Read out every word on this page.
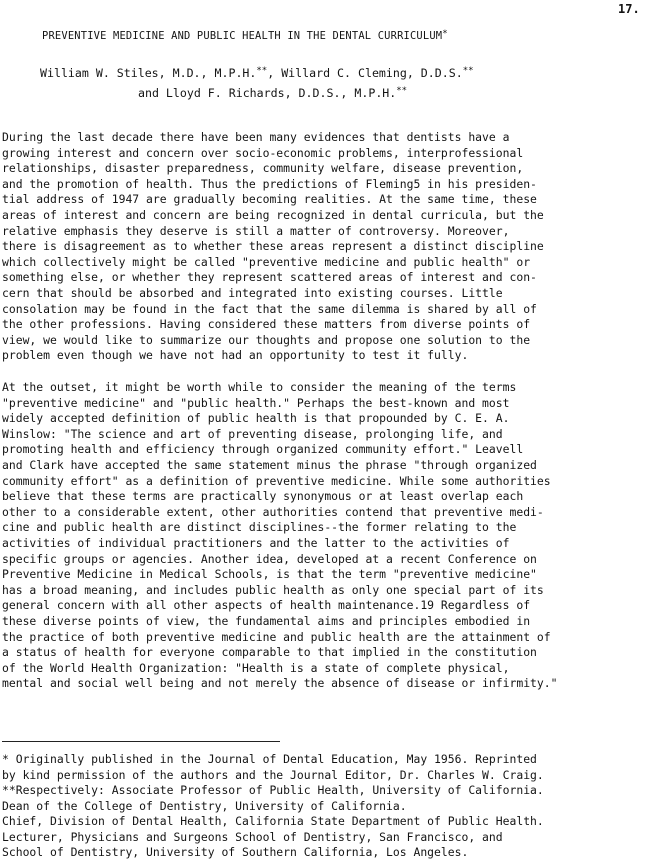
17.
PREVENTIVE MEDICINE AND PUBLIC HEALTH IN THE DENTAL CURRICULUM*
William W. Stiles, M.D., M.P.H.**, Willard C. Cleming, D.D.S.**
and Lloyd F. Richards, D.D.S., M.P.H.**
During the last decade there have been many evidences that dentists have a
growing interest and concern over socio-economic problems, interprofessional
relationships, disaster preparedness, community welfare, disease prevention,
and the promotion of health. Thus the predictions of Fleming5 in his presiden-
tial address of 1947 are gradually becoming realities. At the same time, these
areas of interest and concern are being recognized in dental curricula, but the
relative emphasis they deserve is still a matter of controversy. Moreover,
there is disagreement as to whether these areas represent a distinct discipline
which collectively might be called "preventive medicine and public health" or
something else, or whether they represent scattered areas of interest and con-
cern that should be absorbed and integrated into existing courses. Little
consolation may be found in the fact that the same dilemma is shared by all of
the other professions. Having considered these matters from diverse points of
view, we would like to summarize our thoughts and propose one solution to the
problem even though we have not had an opportunity to test it fully.
At the outset, it might be worth while to consider the meaning of the terms
"preventive medicine" and "public health." Perhaps the best-known and most
widely accepted definition of public health is that propounded by C. E. A.
Winslow: "The science and art of preventing disease, prolonging life, and
promoting health and efficiency through organized community effort." Leavell
and Clark have accepted the same statement minus the phrase "through organized
community effort" as a definition of preventive medicine. While some authorities
believe that these terms are practically synonymous or at least overlap each
other to a considerable extent, other authorities contend that preventive medi-
cine and public health are distinct disciplines--the former relating to the
activities of individual practitioners and the latter to the activities of
specific groups or agencies. Another idea, developed at a recent Conference on
Preventive Medicine in Medical Schools, is that the term "preventive medicine"
has a broad meaning, and includes public health as only one special part of its
general concern with all other aspects of health maintenance.19 Regardless of
these diverse points of view, the fundamental aims and principles embodied in
the practice of both preventive medicine and public health are the attainment of
a status of health for everyone comparable to that implied in the constitution
of the World Health Organization: "Health is a state of complete physical,
mental and social well being and not merely the absence of disease or infirmity."
* Originally published in the Journal of Dental Education, May 1956. Reprinted
by kind permission of the authors and the Journal Editor, Dr. Charles W. Craig.
**Respectively: Associate Professor of Public Health, University of California.
Dean of the College of Dentistry, University of California.
Chief, Division of Dental Health, California State Department of Public Health.
Lecturer, Physicians and Surgeons School of Dentistry, San Francisco, and
School of Dentistry, University of Southern California, Los Angeles.
